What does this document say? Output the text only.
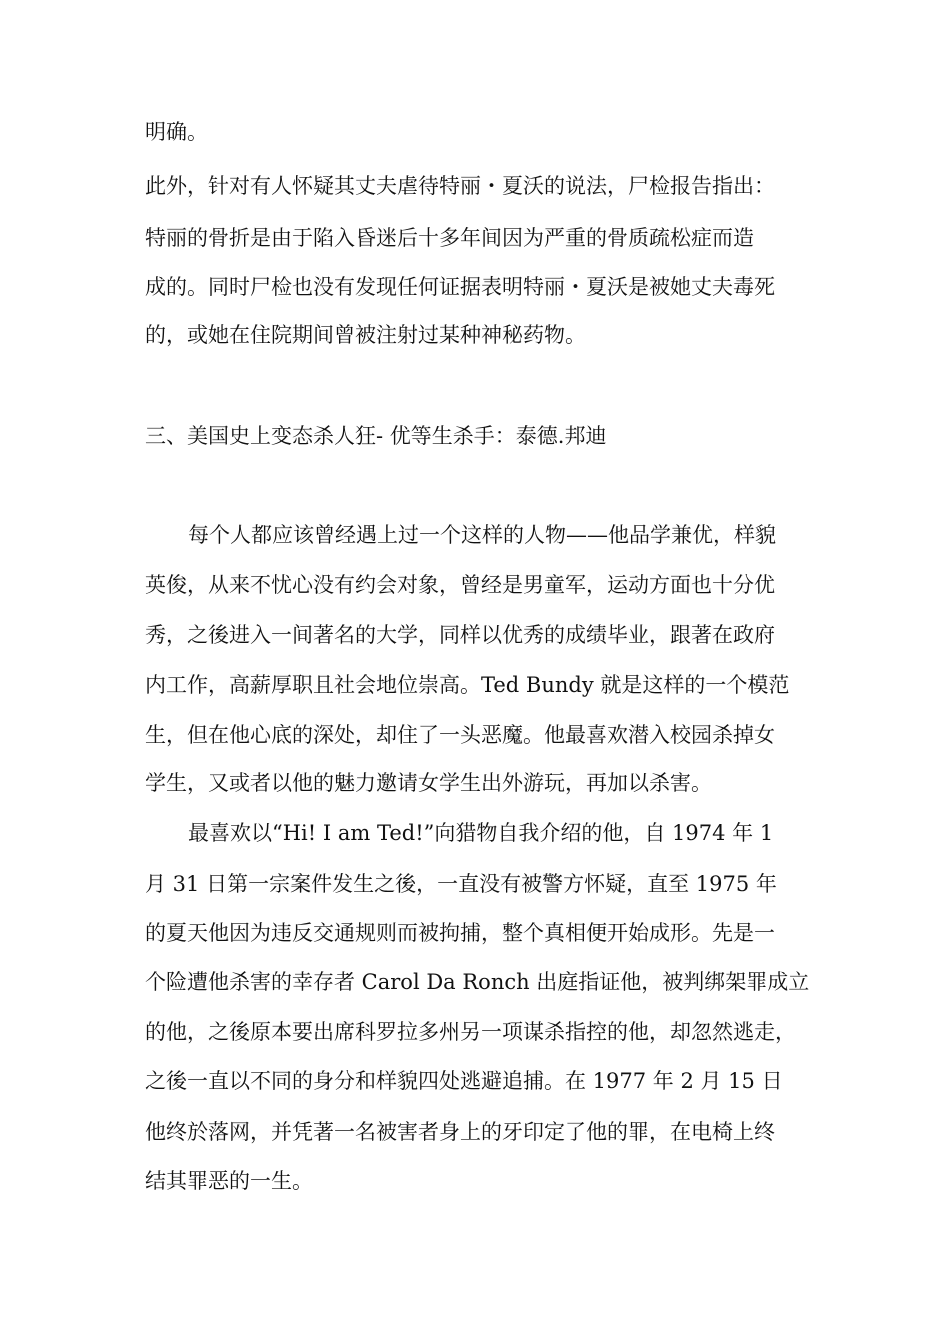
明确。
此外，针对有人怀疑其丈夫虐待特丽・夏沃的说法，尸检报告指出：
特丽的骨折是由于陷入昏迷后十多年间因为严重的骨质疏松症而造
成的。同时尸检也没有发现任何证据表明特丽・夏沃是被她丈夫毒死
的，或她在住院期间曾被注射过某种神秘药物。
三、美国史上变态杀人狂- 优等生杀手：泰德.邦迪
每个人都应该曾经遇上过一个这样的人物——他品学兼优，样貌
英俊，从来不忧心没有约会对象，曾经是男童军，运动方面也十分优
秀，之後进入一间著名的大学，同样以优秀的成绩毕业，跟著在政府
内工作，高薪厚职且社会地位崇高。Ted Bundy 就是这样的一个模范
生，但在他心底的深处，却住了一头恶魔。他最喜欢潜入校园杀掉女
学生，又或者以他的魅力邀请女学生出外游玩，再加以杀害。
最喜欢以“Hi! I am Ted!”向猎物自我介绍的他，自 1974 年 1
月 31 日第一宗案件发生之後，一直没有被警方怀疑，直至 1975 年
的夏天他因为违反交通规则而被拘捕，整个真相便开始成形。先是一
个险遭他杀害的幸存者 Carol Da Ronch 出庭指证他，被判绑架罪成立
的他，之後原本要出席科罗拉多州另一项谋杀指控的他，却忽然逃走，
之後一直以不同的身分和样貌四处逃避追捕。在 1977 年 2 月 15 日
他终於落网，并凭著一名被害者身上的牙印定了他的罪，在电椅上终
结其罪恶的一生。
